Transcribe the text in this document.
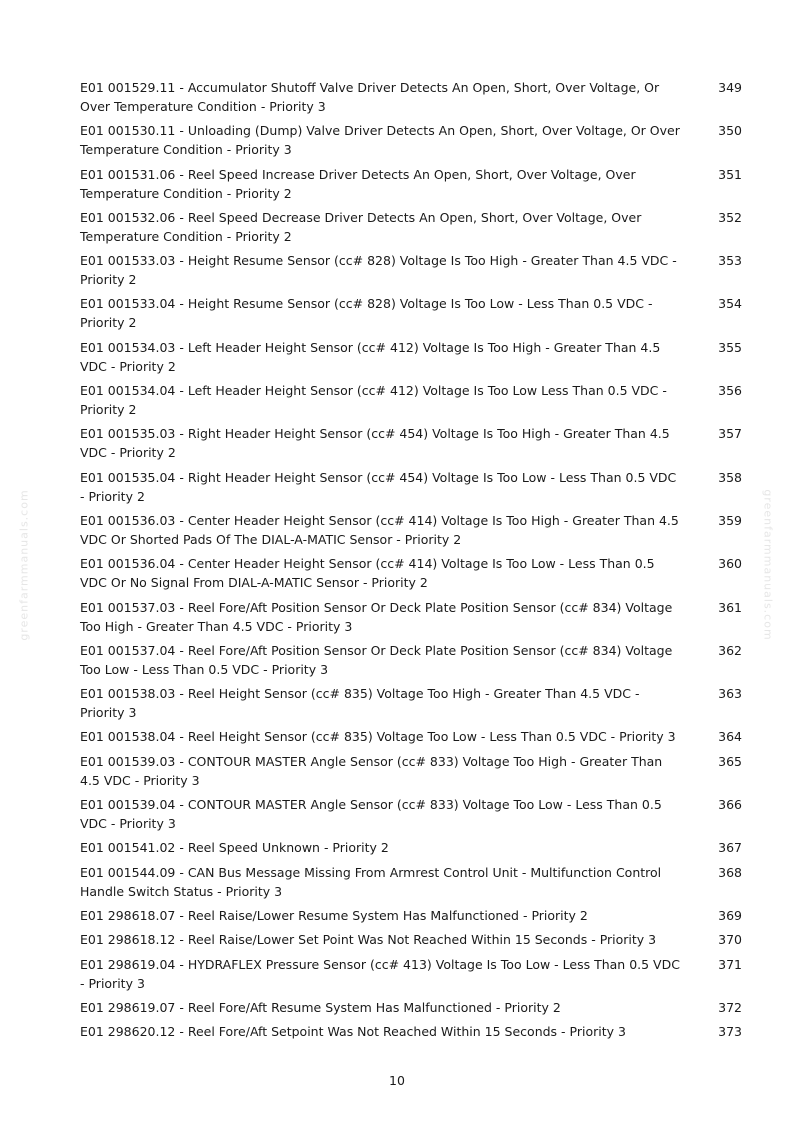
greenfarmmanuals.com	greenfarmmanuals.com
E01 001529.11 - Accumulator Shutoff Valve Driver Detects An Open, Short, Over Voltage, Or Over Temperature Condition - Priority 3
349
E01 001530.11 - Unloading (Dump) Valve Driver Detects An Open, Short, Over Voltage, Or Over Temperature Condition - Priority 3
350
E01 001531.06 - Reel Speed Increase Driver Detects An Open, Short, Over Voltage, Over Temperature Condition - Priority 2
351
E01 001532.06 - Reel Speed Decrease Driver Detects An Open, Short, Over Voltage, Over Temperature Condition - Priority 2
352
E01 001533.03 - Height Resume Sensor (cc# 828) Voltage Is Too High - Greater Than 4.5 VDC - Priority 2
353
E01 001533.04 - Height Resume Sensor (cc# 828) Voltage Is Too Low - Less Than 0.5 VDC - Priority 2
354
E01 001534.03 - Left Header Height Sensor (cc# 412) Voltage Is Too High - Greater Than 4.5 VDC - Priority 2
355
E01 001534.04 - Left Header Height Sensor (cc# 412) Voltage Is Too Low Less Than 0.5 VDC - Priority 2
356
E01 001535.03 - Right Header Height Sensor (cc# 454) Voltage Is Too High - Greater Than 4.5 VDC - Priority 2
357
E01 001535.04 - Right Header Height Sensor (cc# 454) Voltage Is Too Low - Less Than 0.5 VDC - Priority 2
358
E01 001536.03 - Center Header Height Sensor (cc# 414) Voltage Is Too High - Greater Than 4.5 VDC Or Shorted Pads Of The DIAL-A-MATIC Sensor - Priority 2
359
E01 001536.04 - Center Header Height Sensor (cc# 414) Voltage Is Too Low - Less Than 0.5 VDC Or No Signal From DIAL-A-MATIC Sensor - Priority 2
360
E01 001537.03 - Reel Fore/Aft Position Sensor Or Deck Plate Position Sensor (cc# 834) Voltage Too High - Greater Than 4.5 VDC - Priority 3
361
E01 001537.04 - Reel Fore/Aft Position Sensor Or Deck Plate Position Sensor (cc# 834) Voltage Too Low - Less Than 0.5 VDC - Priority 3
362
E01 001538.03 - Reel Height Sensor (cc# 835) Voltage Too High - Greater Than 4.5 VDC - Priority 3
363
E01 001538.04 - Reel Height Sensor (cc# 835) Voltage Too Low - Less Than 0.5 VDC - Priority 3	364
E01 001539.03 - CONTOUR MASTER Angle Sensor (cc# 833) Voltage Too High - Greater Than 4.5 VDC - Priority 3
365
E01 001539.04 - CONTOUR MASTER Angle Sensor (cc# 833) Voltage Too Low - Less Than 0.5 VDC - Priority 3
366
E01 001541.02 - Reel Speed Unknown - Priority 2	367
E01 001544.09 - CAN Bus Message Missing From Armrest Control Unit - Multifunction Control Handle Switch Status - Priority 3
368
E01 298618.07 - Reel Raise/Lower Resume System Has Malfunctioned - Priority 2	369
E01 298618.12 - Reel Raise/Lower Set Point Was Not Reached Within 15 Seconds - Priority 3	370
E01 298619.04 - HYDRAFLEX Pressure Sensor (cc# 413) Voltage Is Too Low - Less Than 0.5 VDC - Priority 3
371
E01 298619.07 - Reel Fore/Aft Resume System Has Malfunctioned - Priority 2	372
E01 298620.12 - Reel Fore/Aft Setpoint Was Not Reached Within 15 Seconds - Priority 3	373
10
